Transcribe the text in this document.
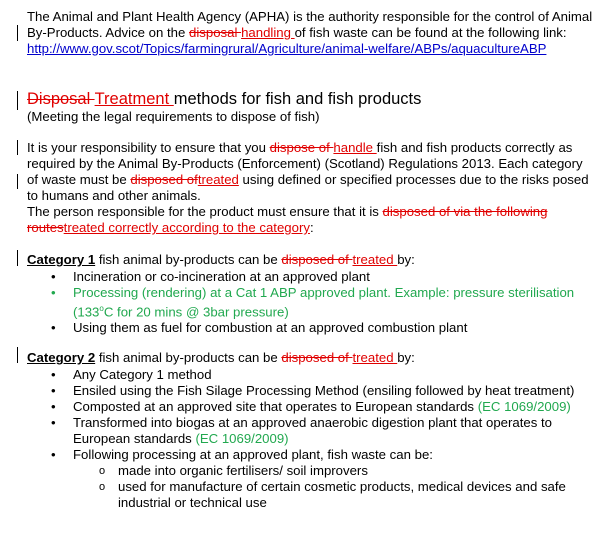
The Animal and Plant Health Agency (APHA) is the authority responsible for the control of Animal By-Products. Advice on the disposal handling of fish waste can be found at the following link: http://www.gov.scot/Topics/farmingrural/Agriculture/animal-welfare/ABPs/aquacultureABP
Disposal Treatment methods for fish and fish products
(Meeting the legal requirements to dispose of fish)
It is your responsibility to ensure that you dispose of handle fish and fish products correctly as required by the Animal By-Products (Enforcement) (Scotland) Regulations 2013. Each category of waste must be disposed oftreated using defined or specified processes due to the risks posed to humans and other animals.
The person responsible for the product must ensure that it is disposed of via the following routestreated correctly according to the category:
Category 1 fish animal by-products can be disposed of treated by:
• Incineration or co-incineration at an approved plant
• Processing (rendering) at a Cat 1 ABP approved plant. Example: pressure sterilisation (133$^o$C for 20 mins @ 3bar pressure)
• Using them as fuel for combustion at an approved combustion plant
Category 2 fish animal by-products can be disposed of treated by:
• Any Category 1 method
• Ensiled using the Fish Silage Processing Method (ensiling followed by heat treatment)
• Composted at an approved site that operates to European standards (EC 1069/2009)
• Transformed into biogas at an approved anaerobic digestion plant that operates to European standards (EC 1069/2009)
• Following processing at an approved plant, fish waste can be:
o made into organic fertilisers/ soil improvers
o used for manufacture of certain cosmetic products, medical devices and safe industrial or technical use
